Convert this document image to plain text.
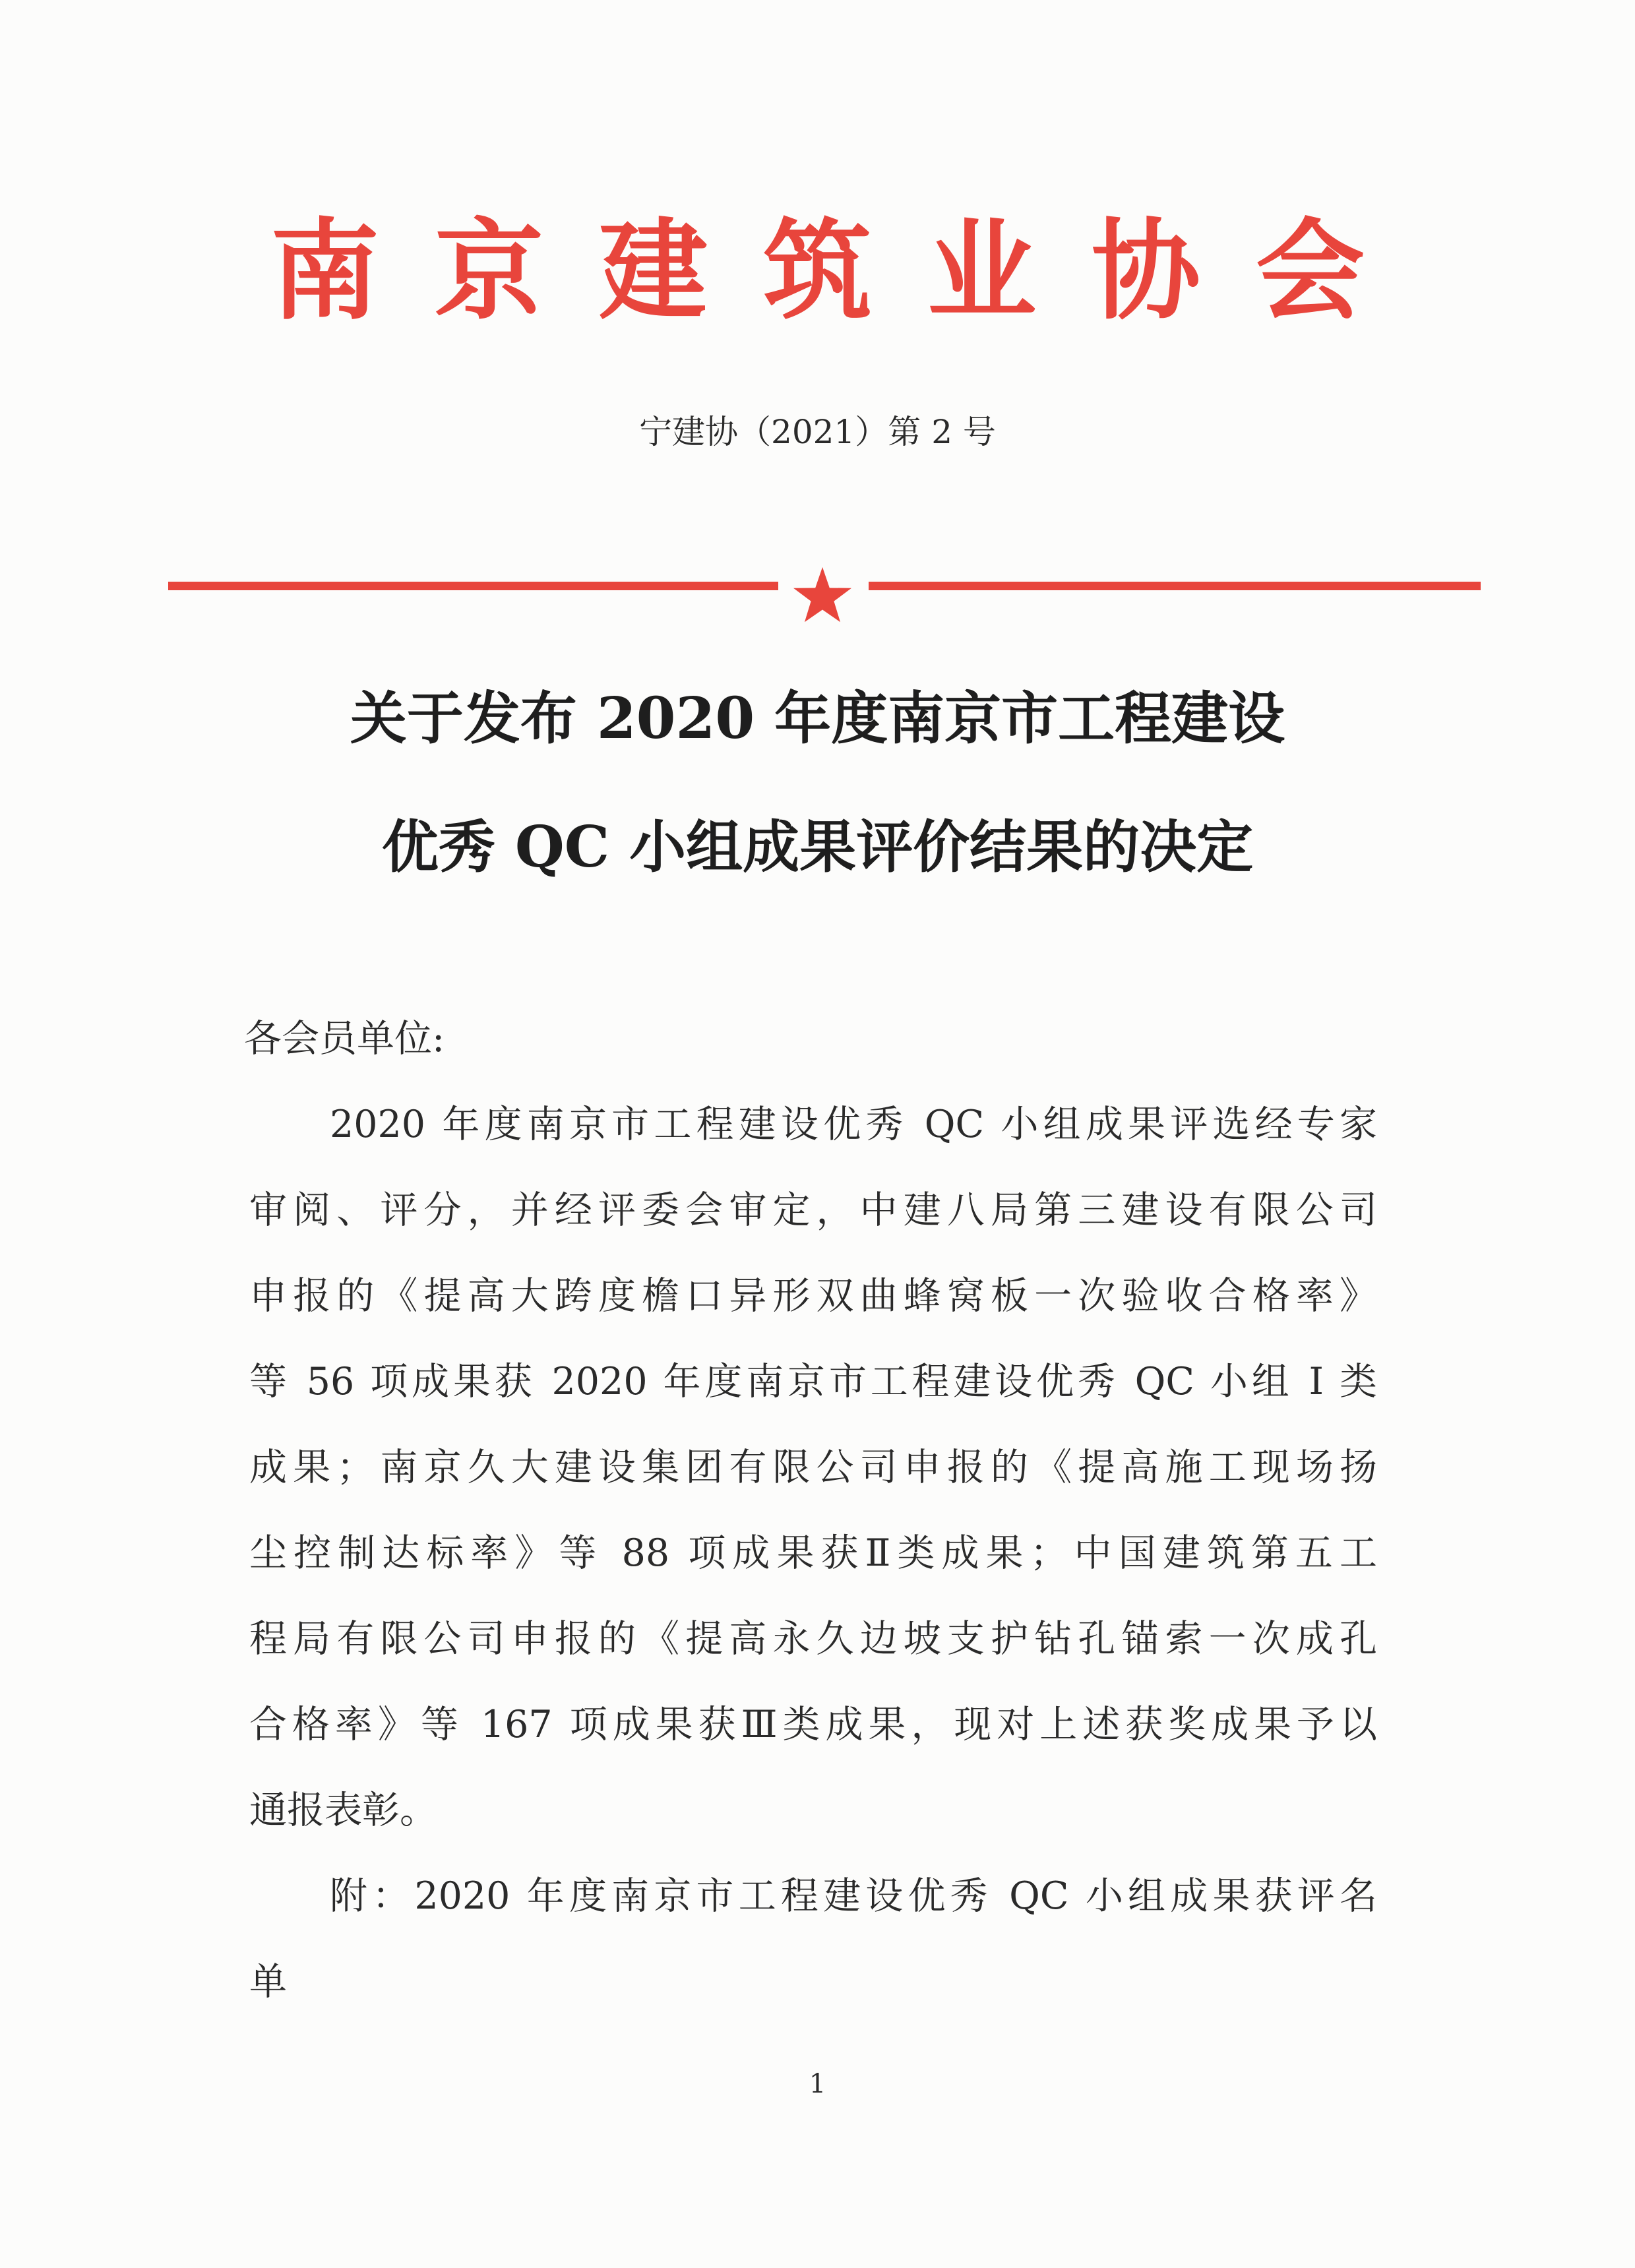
南京建筑业协会
宁建协（2021）第 2 号
关于发布 2020 年度南京市工程建设
优秀 QC 小组成果评价结果的决定
各会员单位:
2020 年度南京市工程建设优秀 QC 小组成果评选经专家
审阅、评分，并经评委会审定，中建八局第三建设有限公司
申报的《提高大跨度檐口异形双曲蜂窝板一次验收合格率》
等 56 项成果获 2020 年度南京市工程建设优秀 QC 小组 I 类
成果；南京久大建设集团有限公司申报的《提高施工现场扬
尘控制达标率》等 88 项成果获Ⅱ类成果；中国建筑第五工
程局有限公司申报的《提高永久边坡支护钻孔锚索一次成孔
合格率》等 167 项成果获Ⅲ类成果，现对上述获奖成果予以
通报表彰。
附：2020 年度南京市工程建设优秀 QC 小组成果获评名
单
1
